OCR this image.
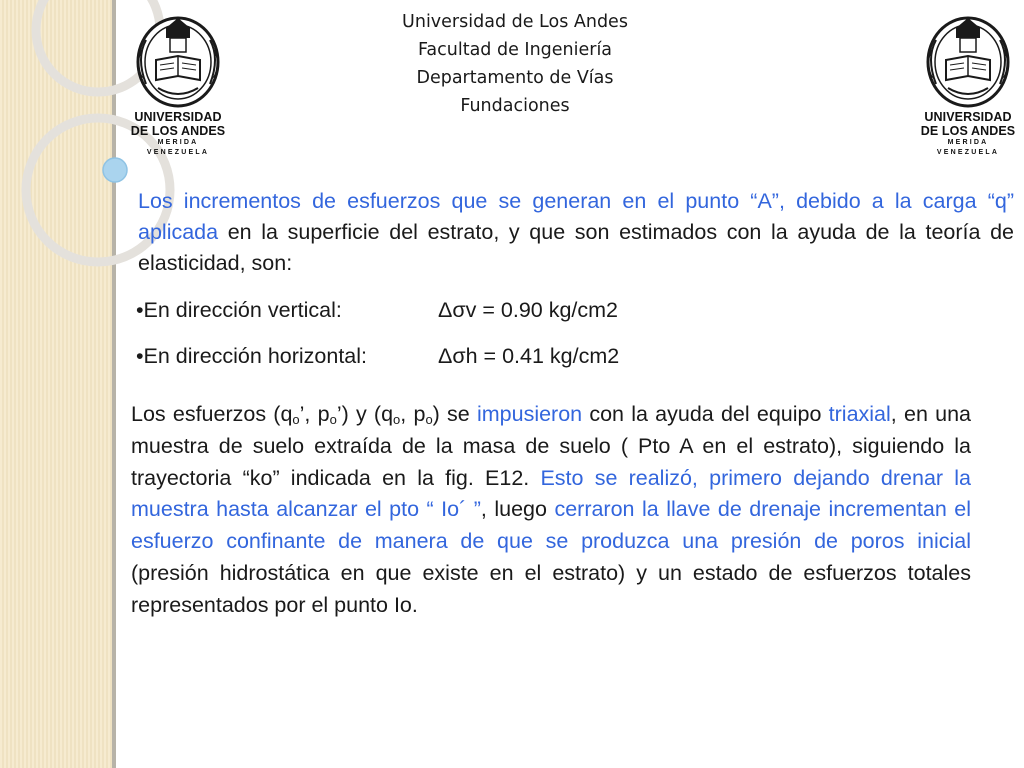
Universidad de Los Andes
Facultad de Ingeniería
Departamento de Vías
Fundaciones
UNIVERSIDAD
DE LOS ANDES
MERIDA VENEZUELA
UNIVERSIDAD
DE LOS ANDES
MERIDA VENEZUELA
Los incrementos de esfuerzos que se generan en el punto “A”, debido a la carga “q” aplicada en la superficie del estrato, y que son estimados con la ayuda de la teoría de elasticidad, son:
•En dirección vertical:	Δσv = 0.90 kg/cm2
•En dirección horizontal:	Δσh = 0.41 kg/cm2
Los esfuerzos ($q_o$’, $p_o$’) y ($q_o$, $p_o$) se impusieron con la ayuda del equipo triaxial, en una muestra de suelo extraída de la masa de suelo ( Pto A en el estrato), siguiendo la trayectoria “ko” indicada en la fig. E12. Esto se realizó, primero dejando drenar la muestra hasta alcanzar el pto “ Io´ ”, luego cerraron la llave de drenaje incrementan el esfuerzo confinante de manera de que se produzca una presión de poros inicial (presión hidrostática en que existe en el estrato) y un estado de esfuerzos totales representados por el punto Io.
